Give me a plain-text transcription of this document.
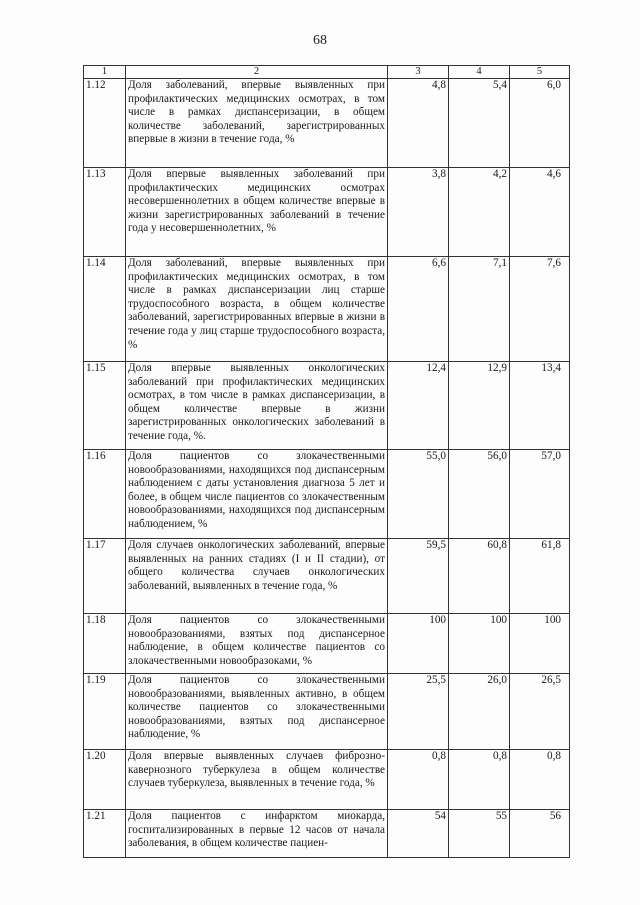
68
1	2	3	4	5
1.12	Доля заболеваний, впервые выявленных при профилактических медицинских осмотрах, в том числе в рамках диспансеризации, в общем количестве заболеваний, зарегистрированных впервые в жизни в течение года, %	4,8	5,4	6,0
1.13	Доля впервые выявленных заболеваний при профилактических медицинских осмотрах несовершеннолетних в общем количестве впервые в жизни зарегистрированных заболеваний в течение года у несовершеннолетних, %	3,8	4,2	4,6
1.14	Доля заболеваний, впервые выявленных при профилактических медицинских осмотрах, в том числе в рамках диспансеризации лиц старше трудоспособного возраста, в общем количестве заболеваний, зарегистрированных впервые в жизни в течение года у лиц старше трудоспособного возраста, %	6,6	7,1	7,6
1.15	Доля впервые выявленных онкологических заболеваний при профилактических медицинских осмотрах, в том числе в рамках диспансеризации, в общем количестве впервые в жизни зарегистрированных онкологических заболеваний в течение года, %.	12,4	12,9	13,4
1.16	Доля пациентов со злокачественными новообразованиями, находящихся под диспансерным наблюдением с даты установления диагноза 5 лет и более, в общем числе пациентов со злокачественным новообразованиями, находящихся под диспансерным наблюдением, %	55,0	56,0	57,0
1.17	Доля случаев онкологических заболеваний, впервые выявленных на ранних стадиях (I и II стадии), от общего количества случаев онкологических заболеваний, выявленных в течение года, %	59,5	60,8	61,8
1.18	Доля пациентов со злокачественными новообразованиями, взятых под диспансерное наблюдение, в общем количестве пациентов со злокачественными новообразоками, %	100	100	100
1.19	Доля пациентов со злокачественными новообразованиями, выявленных активно, в общем количестве пациентов со злокачественными новообразованиями, взятых под диспансерное наблюдение, %	25,5	26,0	26,5
1.20	Доля впервые выявленных случаев фиброзно-кавернозного туберкулеза в общем количестве случаев туберкулеза, выявленных в течение года, %	0,8	0,8	0,8
1.21	Доля пациентов с инфарктом миокарда, госпитализированных в первые 12 часов от начала заболевания, в общем количестве пациен-	54	55	56
